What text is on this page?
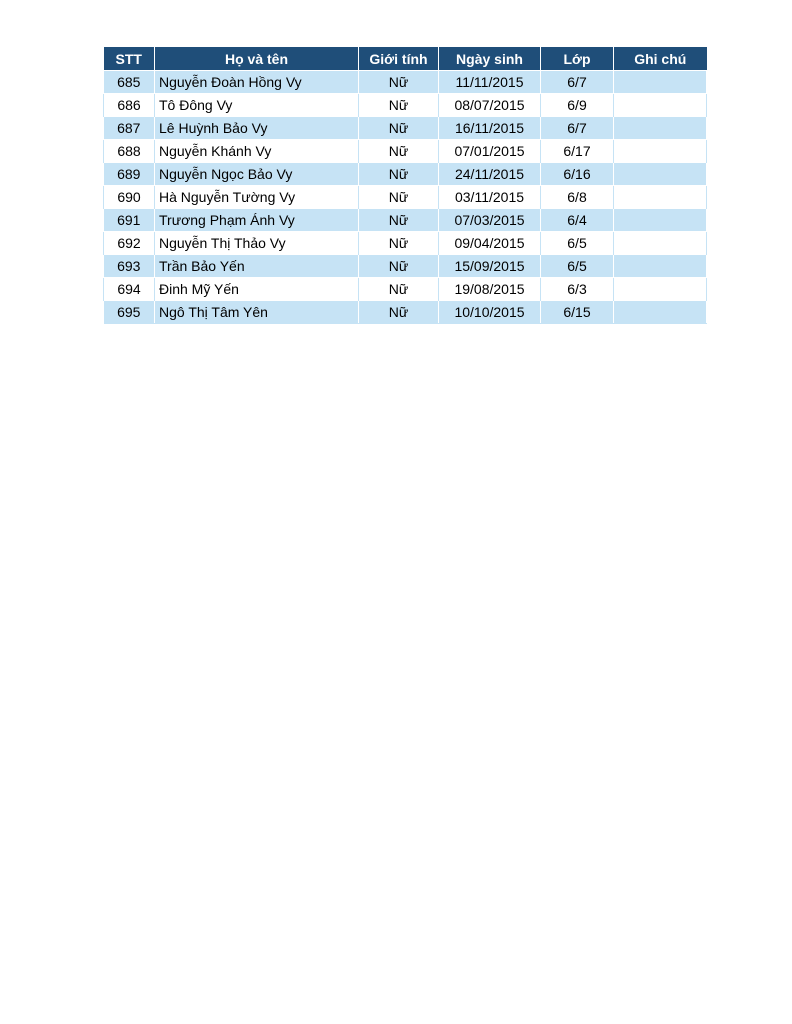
STT	Họ và tên	Giới tính	Ngày sinh	Lớp	Ghi chú
685	Nguyễn Đoàn Hồng Vy	Nữ	11/11/2015	6/7	
686	Tô Đông Vy	Nữ	08/07/2015	6/9	
687	Lê Huỳnh Bảo Vy	Nữ	16/11/2015	6/7	
688	Nguyễn Khánh Vy	Nữ	07/01/2015	6/17	
689	Nguyễn Ngọc Bảo Vy	Nữ	24/11/2015	6/16	
690	Hà Nguyễn Tường Vy	Nữ	03/11/2015	6/8	
691	Trương Phạm Ánh Vy	Nữ	07/03/2015	6/4	
692	Nguyễn Thị Thảo Vy	Nữ	09/04/2015	6/5	
693	Trần Bảo Yến	Nữ	15/09/2015	6/5	
694	Đinh Mỹ Yến	Nữ	19/08/2015	6/3	
695	Ngô Thị Tâm Yên	Nữ	10/10/2015	6/15	
